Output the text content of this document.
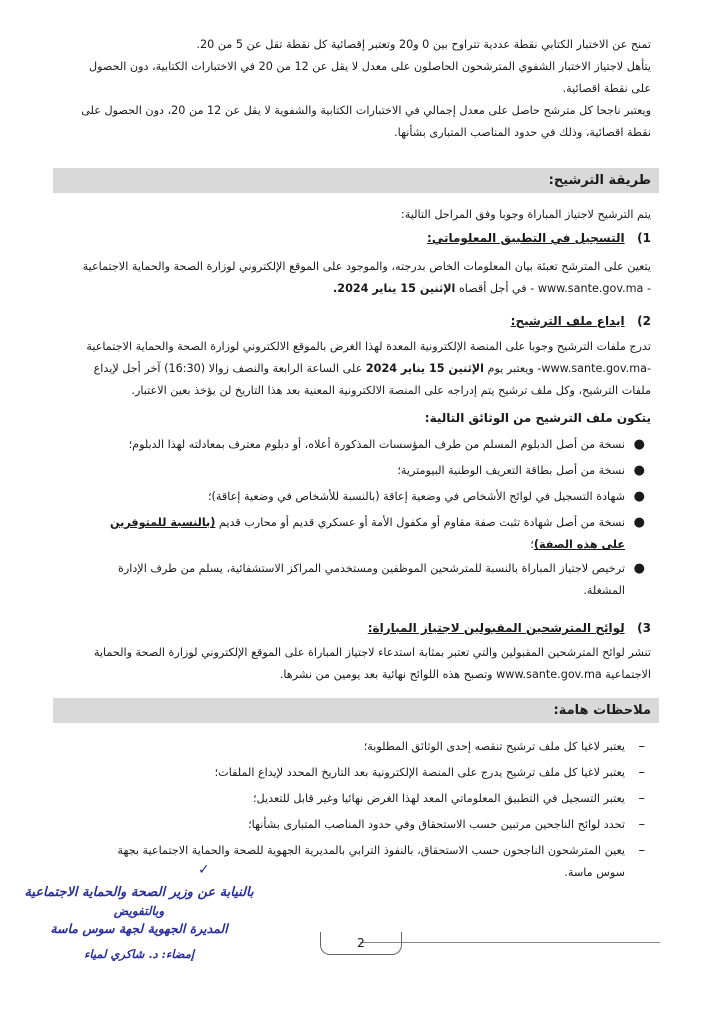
تمنح عن الاختبار الكتابي نقطة عددية تتراوح بين 0 و20 وتعتبر إقصائية كل نقطة تقل عن 5 من 20.
يتأهل لاجتياز الاختبار الشفوي المترشحون الحاصلون على معدل لا يقل عن 12 من 20 في الاختبارات الكتابية، دون الحصول
على نقطة اقصائية.
ويعتبر ناجحا كل مترشح حاصل على معدل إجمالي في الاختبارات الكتابية والشفوية لا يقل عن 12 من 20، دون الحصول على
نقطة اقصائية، وذلك في حدود المناصب المتبارى بشأنها.
طريقة الترشيح:
يتم الترشيح لاجتياز المباراة وجوبا وفق المراحل التالية:
1)   التسجيل في التطبيق المعلوماتي:
يتعين على المترشح تعبئة بيان المعلومات الخاص بدرجته، والموجود على الموقع الإلكتروني لوزارة الصحة والحماية الاجتماعية
- www.sante.gov.ma - في أجل أقصاه الإثنين 15 يناير 2024.
2)   ايداع ملف الترشيح:
تدرج ملفات الترشيح وجوبا على المنصة الإلكترونية المعدة لهذا الغرض بالموقع الالكتروني لوزارة الصحة والحماية الاجتماعية
-www.sante.gov.ma- ويعتبر يوم الإثنين 15 يناير 2024 على الساعة الرابعة والنصف زوالا (16:30) آخر أجل لإيداع
ملفات الترشيح، وكل ملف ترشيح يتم إدراجه على المنصة الالكترونية المعنية بعد هذا التاريخ لن يؤخذ بعين الاعتبار.
يتكون ملف الترشيح من الوثائق التالية:
●
نسخة من أصل الدبلوم المسلم من طرف المؤسسات المذكورة أعلاه، أو دبلوم معترف بمعادلته لهذا الدبلوم؛
●
نسخة من أصل بطاقة التعريف الوطنية البيومترية؛
●
شهادة التسجيل في لوائح الأشخاص في وضعية إعاقة (بالنسبة للأشخاص في وضعية إعاقة)؛
●
نسخة من أصل شهادة تثبت صفة مقاوم أو مكفول الأمة أو عسكري قديم أو محارب قديم (بالنسبة للمتوفرين
على هذه الصفة)؛
●
ترخيص لاجتياز المباراة بالنسبة للمترشحين الموظفين ومستخدمي المراكز الاستشفائية، يسلم من طرف الإدارة
المشغلة.
3)   لوائح المترشحين المقبولين لاجتياز المباراة:
تنشر لوائح المترشحين المقبولين والتي تعتبر بمثابة استدعاء لاجتياز المباراة على الموقع الإلكتروني لوزارة الصحة والحماية
الاجتماعية www.sante.gov.ma وتصبح هذه اللوائح نهائية بعد يومين من نشرها.
ملاحظات هامة:
–
يعتبر لاغيا كل ملف ترشيح تنقصه إحدى الوثائق المطلوبة؛
–
يعتبر لاغيا كل ملف ترشيح يدرج على المنصة الإلكترونية بعد التاريخ المحدد لإيداع الملفات؛
–
يعتبر التسجيل في التطبيق المعلوماتي المعد لهذا الغرض نهائيا وغير قابل للتعديل؛
–
تحدد لوائح الناجحين مرتبين حسب الاستحقاق وفي حدود المناصب المتبارى بشأنها؛
–
يعين المترشحون الناجحون حسب الاستحقاق، بالنفوذ الترابي بالمديرية الجهوية للصحة والحماية الاجتماعية بجهة
سوس ماسة.
✓
2
بالنيابة عن وزير الصحة والحماية الاجتماعية
وبالتفويض
المديرة الجهوية لجهة سوس ماسة
إمضاء: د. شاكري لمياء
